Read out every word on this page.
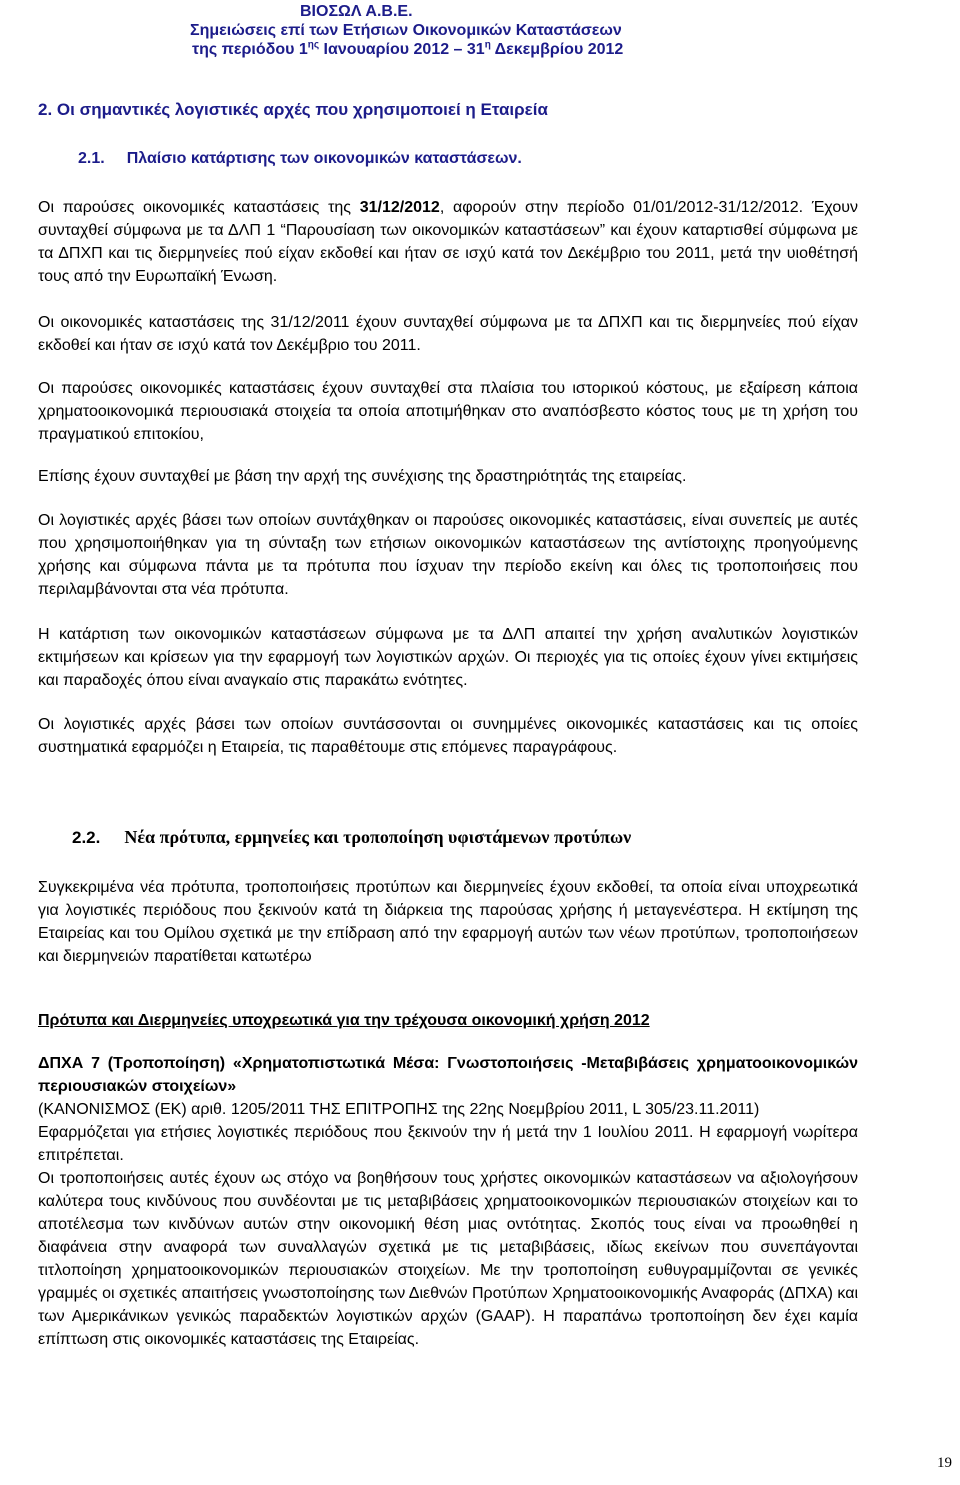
ΒΙΟΣΩΛ Α.Β.Ε.
Σημειώσεις επί των Ετήσιων Οικονομικών Καταστάσεων
της περιόδου $1^{\eta\varsigma}$ Ιανουαρίου $2012 - 31^\eta$ Δεκεμβρίου 2012
2. Οι σημαντικές λογιστικές αρχές που χρησιμοποιεί η Εταιρεία
2.1. Πλαίσιο κατάρτισης των οικονομικών καταστάσεων.

Οι παρούσες οικονομικές καταστάσεις της 31/12/2012, αφορούν στην περίοδο 01/01/2012-31/12/2012. Έχουν συνταχθεί σύμφωνα με τα ΔΛΠ 1 “Παρουσίαση των οικονομικών καταστάσεων” και έχουν καταρτισθεί σύμφωνα με τα ΔΠΧΠ και τις διερμηνείες πού είχαν εκδοθεί και ήταν σε ισχύ κατά τον Δεκέμβριο του 2011, μετά την υιοθέτησή τους από την Ευρωπαϊκή Ένωση.

Οι οικονομικές καταστάσεις της 31/12/2011 έχουν συνταχθεί σύμφωνα με τα ΔΠΧΠ και τις διερμηνείες πού είχαν εκδοθεί και ήταν σε ισχύ κατά τον Δεκέμβριο του 2011.

Οι παρούσες οικονομικές καταστάσεις έχουν συνταχθεί στα πλαίσια του ιστορικού κόστους, με εξαίρεση κάποια χρηματοοικονομικά περιουσιακά στοιχεία τα οποία αποτιμήθηκαν στο αναπόσβεστο κόστος τους με τη χρήση του πραγματικού επιτοκίου,

Επίσης έχουν συνταχθεί με βάση την αρχή της συνέχισης της δραστηριότητάς της εταιρείας.

Οι λογιστικές αρχές βάσει των οποίων συντάχθηκαν οι παρούσες οικονομικές καταστάσεις, είναι συνεπείς με αυτές που χρησιμοποιήθηκαν για τη σύνταξη των ετήσιων οικονομικών καταστάσεων της αντίστοιχης προηγούμενης χρήσης και σύμφωνα πάντα με τα πρότυπα που ίσχυαν την περίοδο εκείνη και όλες τις τροποποιήσεις που περιλαμβάνονται στα νέα πρότυπα.

Η κατάρτιση των οικονομικών καταστάσεων σύμφωνα με τα ΔΛΠ απαιτεί την χρήση αναλυτικών λογιστικών εκτιμήσεων και κρίσεων για την εφαρμογή των λογιστικών αρχών. Οι περιοχές για τις οποίες έχουν γίνει εκτιμήσεις και παραδοχές όπου είναι αναγκαίο στις παρακάτω ενότητες.

Οι λογιστικές αρχές βάσει των οποίων συντάσσονται οι συνημμένες οικονομικές καταστάσεις και τις οποίες συστηματικά εφαρμόζει η Εταιρεία, τις παραθέτουμε στις επόμενες παραγράφους.

2.2. Νέα πρότυπα, ερμηνείες και τροποποίηση υφιστάμενων προτύπων

Συγκεκριμένα νέα πρότυπα, τροποποιήσεις προτύπων και διερμηνείες έχουν εκδοθεί, τα οποία είναι υποχρεωτικά για λογιστικές περιόδους που ξεκινούν κατά τη διάρκεια της παρούσας χρήσης ή μεταγενέστερα. Η εκτίμηση της Εταιρείας και του Ομίλου σχετικά με την επίδραση από την εφαρμογή αυτών των νέων προτύπων, τροποποιήσεων και διερμηνειών παρατίθεται κατωτέρω

Πρότυπα και Διερμηνείες υποχρεωτικά για την τρέχουσα οικονομική χρήση 2012

ΔΠΧΑ 7 (Τροποποίηση) «Χρηματοπιστωτικά Μέσα: Γνωστοποιήσεις -Μεταβιβάσεις χρηματοοικονομικών περιουσιακών στοιχείων»

(ΚΑΝΟΝΙΣΜΟΣ (ΕΚ) αριθ. 1205/2011 ΤΗΣ ΕΠΙΤΡΟΠΗΣ της 22ης Νοεμβρίου 2011, L 305/23.11.2011)

Εφαρμόζεται για ετήσιες λογιστικές περιόδους που ξεκινούν την ή μετά την 1 Ιουλίου 2011. Η εφαρμογή νωρίτερα επιτρέπεται.

Οι τροποποιήσεις αυτές έχουν ως στόχο να βοηθήσουν τους χρήστες οικονομικών καταστάσεων να αξιολογήσουν καλύτερα τους κινδύνους που συνδέονται με τις μεταβιβάσεις χρηματοοικονομικών περιουσιακών στοιχείων και το αποτέλεσμα των κινδύνων αυτών στην οικονομική θέση μιας οντότητας. Σκοπός τους είναι να προωθηθεί η διαφάνεια στην αναφορά των συναλλαγών σχετικά με τις μεταβιβάσεις, ιδίως εκείνων που συνεπάγονται τιτλοποίηση χρηματοοικονομικών περιουσιακών στοιχείων. Με την τροποποίηση ευθυγραμμίζονται σε γενικές γραμμές οι σχετικές απαιτήσεις γνωστοποίησης των Διεθνών Προτύπων Χρηματοοικονομικής Αναφοράς (ΔΠΧΑ) και των Αμερικάνικων γενικώς παραδεκτών λογιστικών αρχών (GAAP). Η παραπάνω τροποποίηση δεν έχει καμία επίπτωση στις οικονομικές καταστάσεις της Εταιρείας.

19
